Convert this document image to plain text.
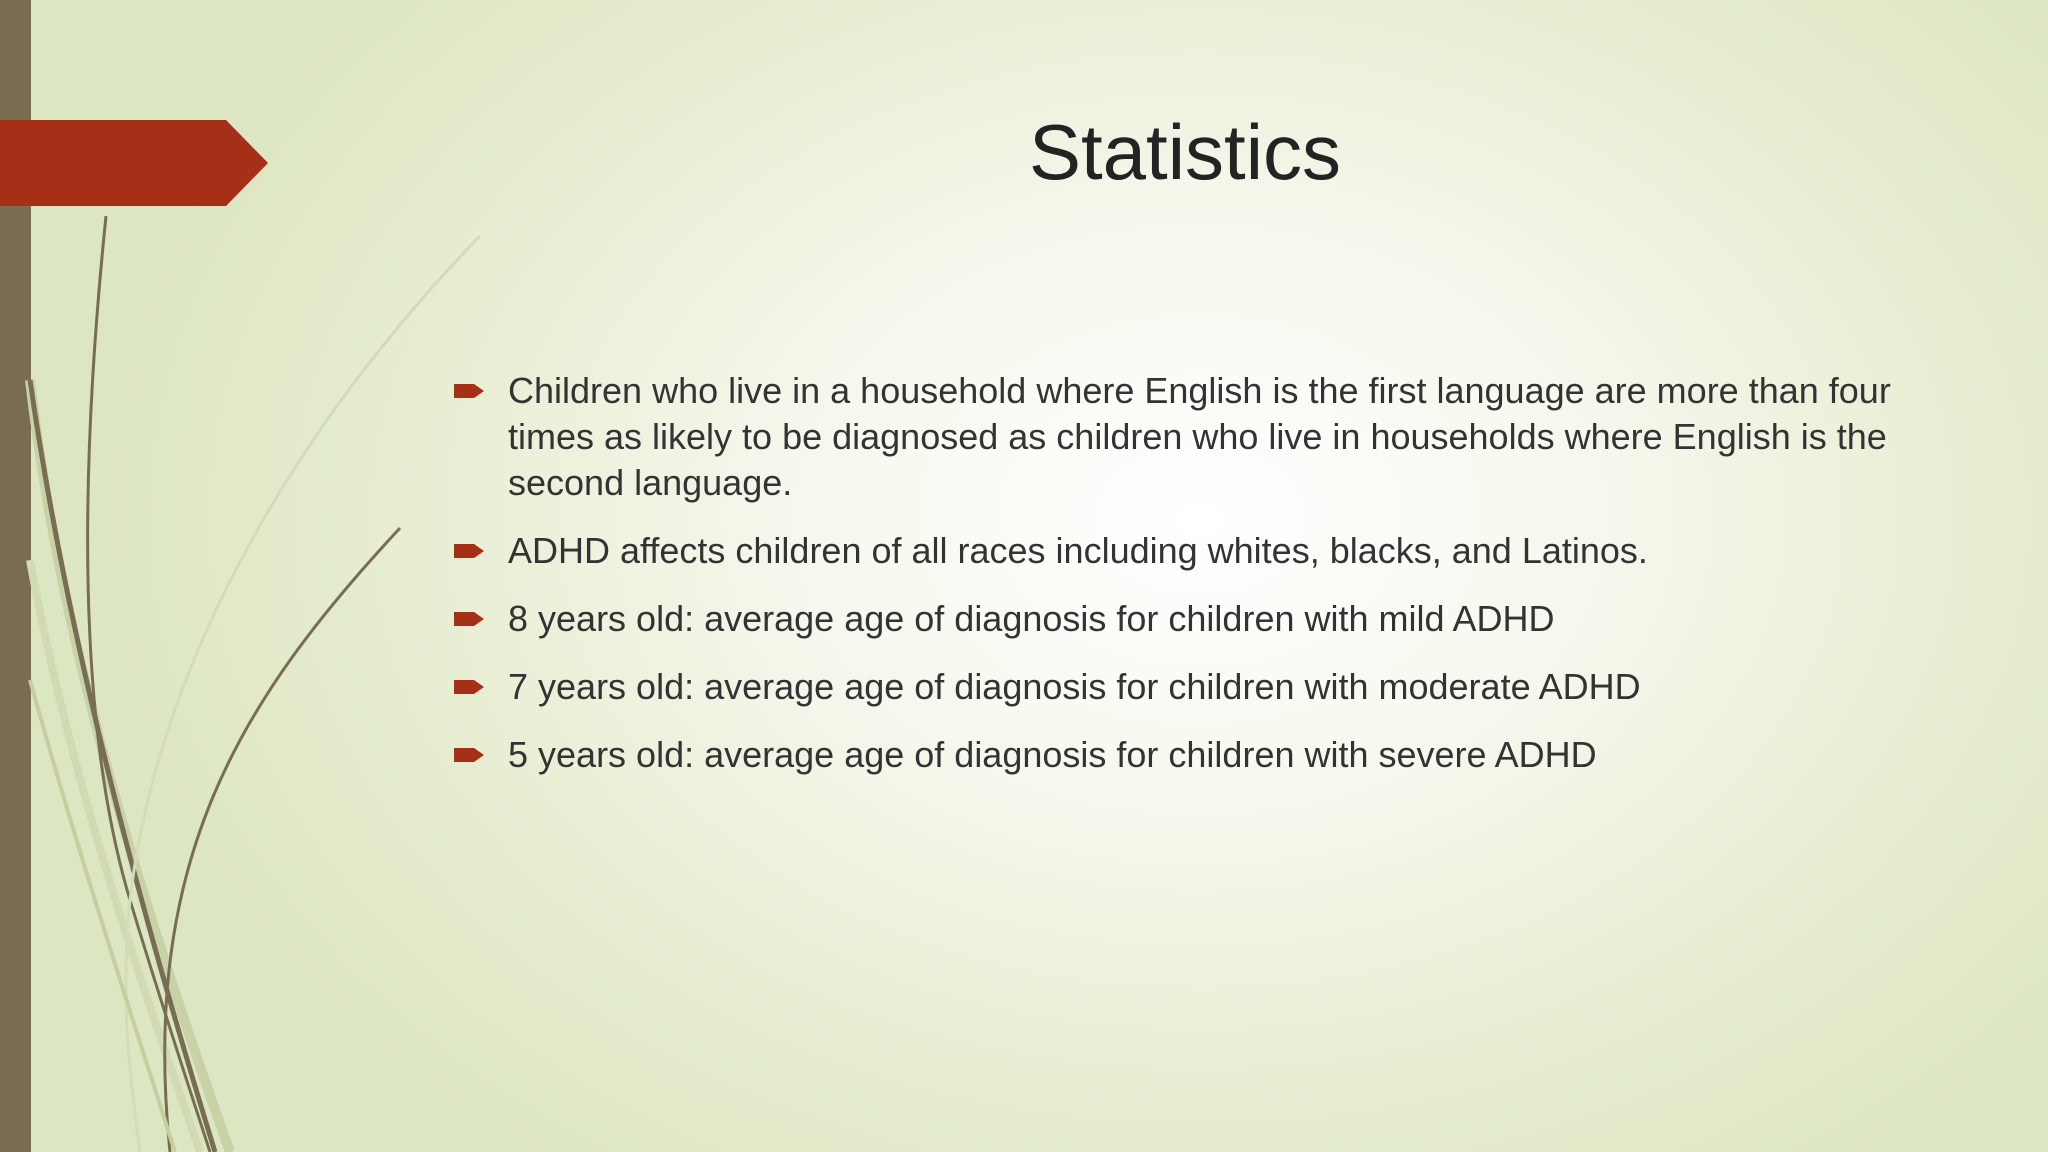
Statistics
Children who live in a household where English is the first language are more than four times as likely to be diagnosed as children who live in households where English is the second language.
ADHD affects children of all races including whites, blacks, and Latinos.
8 years old: average age of diagnosis for children with mild ADHD
7 years old: average age of diagnosis for children with moderate ADHD
5 years old: average age of diagnosis for children with severe ADHD
